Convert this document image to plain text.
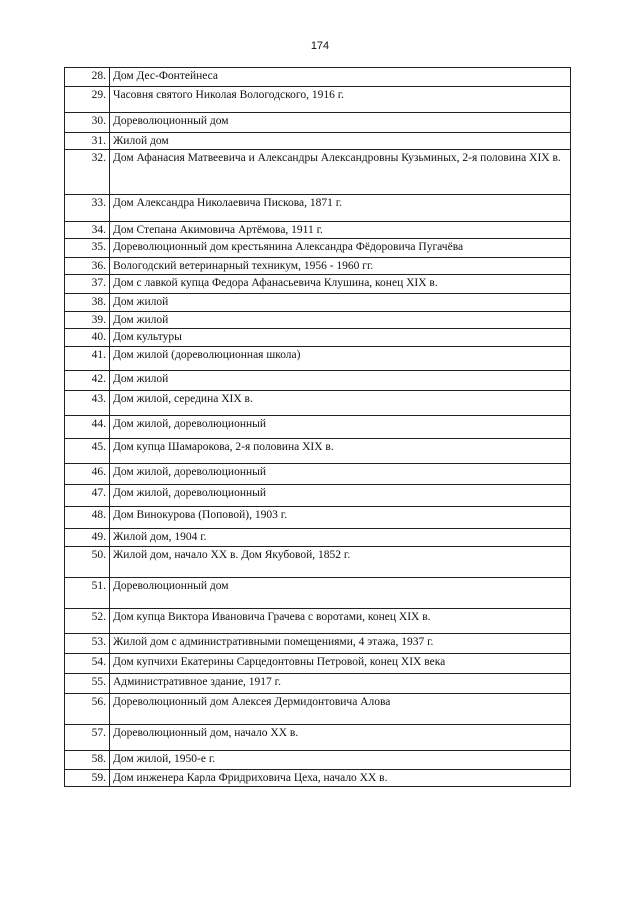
174
28.	Дом Дес-Фонтейнеса
29.	Часовня святого Николая Вологодского, 1916 г.
30.	Дореволюционный дом
31.	Жилой дом
32.	Дом Афанасия Матвеевича и Александры Александровны Кузьминых, 2-я половина XIX в.
33.	Дом Александра Николаевича Пискова, 1871 г.
34.	Дом Степана Акимовича Артёмова, 1911 г.
35.	Дореволюционный дом крестьянина Александра Фёдоровича Пугачёва
36.	Вологодский ветеринарный техникум, 1956 - 1960 гг.
37.	Дом с лавкой купца Федора Афанасьевича Клушина, конец XIX в.
38.	Дом жилой
39.	Дом жилой
40.	Дом культуры
41.	Дом жилой (дореволюционная школа)
42.	Дом жилой
43.	Дом жилой, середина XIX в.
44.	Дом жилой, дореволюционный
45.	Дом купца Шамарокова, 2-я половина XIX в.
46.	Дом жилой, дореволюционный
47.	Дом жилой, дореволюционный
48.	Дом Винокурова (Поповой), 1903 г.
49.	Жилой дом, 1904 г.
50.	Жилой дом, начало XX в. Дом Якубовой, 1852 г.
51.	Дореволюционный дом
52.	Дом купца Виктора Ивановича Грачева с воротами, конец XIX в.
53.	Жилой дом с административными помещениями, 4 этажа, 1937 г.
54.	Дом купчихи Екатерины Сарцедонтовны Петровой, конец XIX века
55.	Административное здание, 1917 г.
56.	Дореволюционный дом Алексея Дермидонтовича Алова
57.	Дореволюционный дом, начало XX в.
58.	Дом жилой, 1950-е г.
59.	Дом инженера Карла Фридриховича Цеха, начало XX в.
